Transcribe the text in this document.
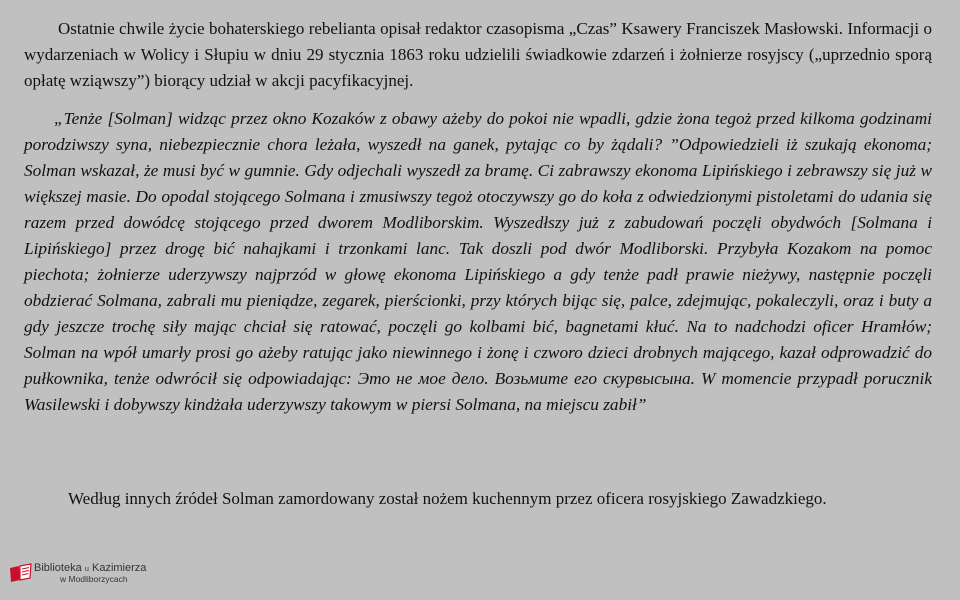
Ostatnie chwile życie bohaterskiego rebelianta opisał redaktor czasopisma „Czas” Ksawery Franciszek Masłowski. Informacji o wydarzeniach w Wolicy i Słupiu w dniu 29 stycznia 1863 roku udzielili świadkowie zdarzeń i żołnierze rosyjscy („uprzednio sporą opłatę wziąwszy”) biorący udział w akcji pacyfikacyjnej.

„Tenże [Solman] widząc przez okno Kozaków z obawy ażeby do pokoi nie wpadli, gdzie żona tegoż przed kilkoma godzinami porodziwszy syna, niebezpiecznie chora leżała, wyszedł na ganek, pytając co by żądali? ”Odpowiedzieli iż szukają ekonoma; Solman wskazał, że musi być w gumnie. Gdy odjechali wyszedł za bramę. Ci zabrawszy ekonoma Lipińskiego i zebrawszy się już w większej masie. Do opodal stojącego Solmana i zmusiwszy tegoż otoczywszy go do koła z odwiedzionymi pistoletami do udania się razem przed dowódcę stojącego przed dworem Modliborskim. Wyszedłszy już z zabudowań poczęli obydwóch [Solmana i Lipińskiego] przez drogę bić nahajkami i trzonkami lanc. Tak doszli pod dwór Modliborski. Przybyła Kozakom na pomoc piechota; żołnierze uderzywszy najprzód w głowę ekonoma Lipińskiego a gdy tenże padł prawie nieżywy, następnie poczęli obdzierać Solmana, zabrali mu pieniądze, zegarek, pierścionki, przy których bijąc się, palce, zdejmując, pokaleczyli, oraz i buty a gdy jeszcze trochę siły mając chciał się ratować, poczęli go kolbami bić, bagnetami kłuć. Na to nadchodzi oficer Hramłów; Solman na wpół umarły prosi go ażeby ratując jako niewinnego i żonę i czworo dzieci drobnych mającego, kazał odprowadzić do pułkownika, tenże odwrócił się odpowiadając: Это не мое дело. Возьмите его скурвысына. W momencie przypadł porucznik Wasilewski i dobywszy kindżała uderzywszy takowym w piersi Solmana, na miejscu zabił”

Według innych źródeł Solman zamordowany został nożem kuchennym przez oficera rosyjskiego Zawadzkiego.

Biblioteka u Kazimierza
w Modliborzycach
